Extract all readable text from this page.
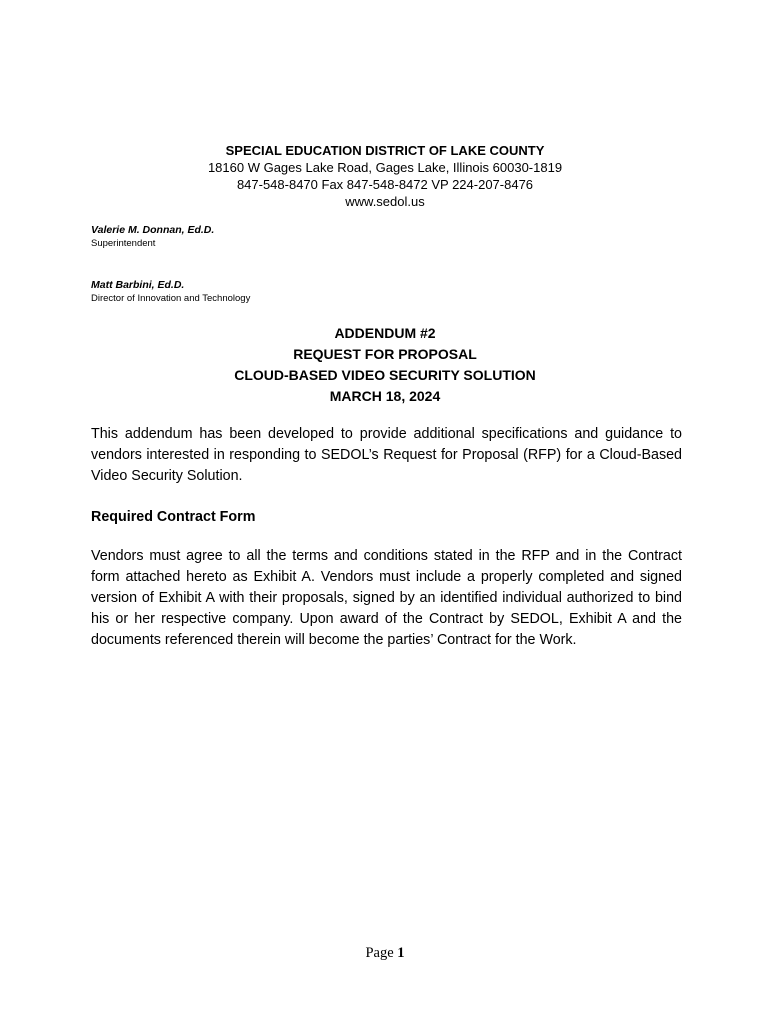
SPECIAL EDUCATION DISTRICT OF LAKE COUNTY
18160 W Gages Lake Road, Gages Lake, Illinois 60030-1819
847-548-8470 Fax 847-548-8472 VP 224-207-8476
www.sedol.us
Valerie M. Donnan, Ed.D.
Superintendent
Matt Barbini, Ed.D.
Director of Innovation and Technology
ADDENDUM #2
REQUEST FOR PROPOSAL
CLOUD-BASED VIDEO SECURITY SOLUTION
MARCH 18, 2024
This addendum has been developed to provide additional specifications and guidance to vendors interested in responding to SEDOL’s Request for Proposal (RFP) for a Cloud-Based Video Security Solution.
Required Contract Form
Vendors must agree to all the terms and conditions stated in the RFP and in the Contract form attached hereto as Exhibit A. Vendors must include a properly completed and signed version of Exhibit A with their proposals, signed by an identified individual authorized to bind his or her respective company. Upon award of the Contract by SEDOL, Exhibit A and the documents referenced therein will become the parties’ Contract for the Work.
Page 1
